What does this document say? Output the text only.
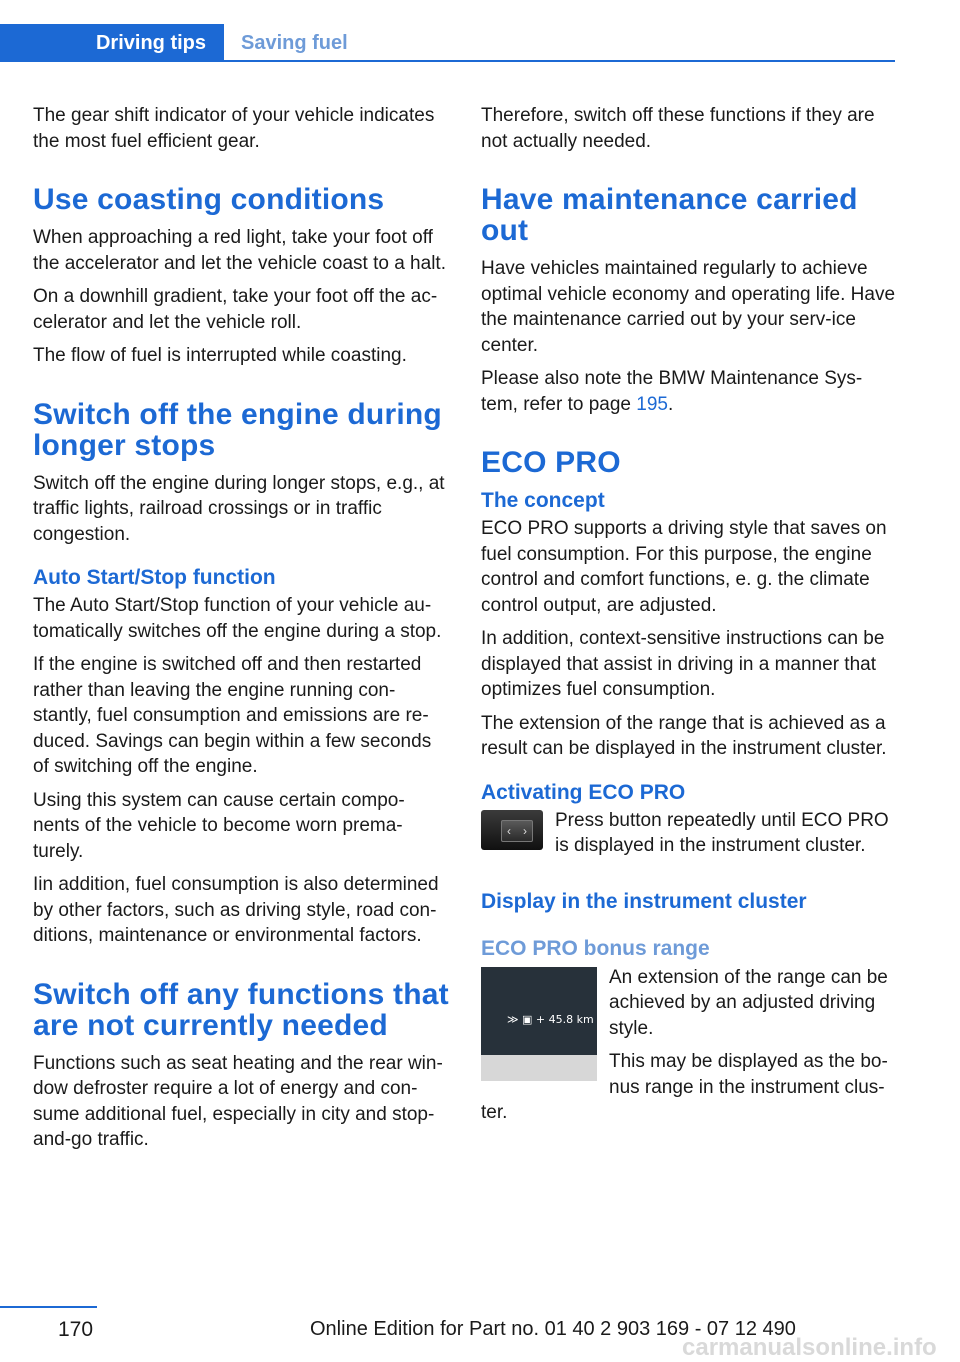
Driving tips	Saving fuel

The gear shift indicator of your vehicle indicates the most fuel efficient gear.

Use coasting conditions

When approaching a red light, take your foot off the accelerator and let the vehicle coast to a halt.

On a downhill gradient, take your foot off the ac‐celerator and let the vehicle roll.

The flow of fuel is interrupted while coasting.

Switch off the engine during longer stops

Switch off the engine during longer stops, e.g., at traffic lights, railroad crossings or in traffic congestion.

Auto Start/Stop function

The Auto Start/Stop function of your vehicle au‐tomatically switches off the engine during a stop.

If the engine is switched off and then restarted rather than leaving the engine running con‐stantly, fuel consumption and emissions are re‐duced. Savings can begin within a few seconds of switching off the engine.

Using this system can cause certain compo‐nents of the vehicle to become worn prema‐turely.

Iin addition, fuel consumption is also determined by other factors, such as driving style, road con‐ditions, maintenance or environmental factors.

Switch off any functions that are not currently needed

Functions such as seat heating and the rear win‐dow defroster require a lot of energy and con‐sume additional fuel, especially in city and stop-and-go traffic.

Therefore, switch off these functions if they are not actually needed.

Have maintenance carried out

Have vehicles maintained regularly to achieve optimal vehicle economy and operating life. Have the maintenance carried out by your serv‐ice center.

Please also note the BMW Maintenance Sys‐tem, refer to page 195.

ECO PRO
The concept

ECO PRO supports a driving style that saves on fuel consumption. For this purpose, the engine control and comfort functions, e. g. the climate control output, are adjusted.

In addition, context-sensitive instructions can be displayed that assist in driving in a manner that optimizes fuel consumption.

The extension of the range that is achieved as a result can be displayed in the instrument cluster.

Activating ECO PRO
‹	›	Press button repeatedly until ECO PRO is displayed in the instrument cluster.

Display in the instrument cluster
ECO PRO bonus range
≫ ▣ + 45.8 km

An extension of the range can be achieved by an adjusted driving style.

This may be displayed as the bo‐nus range in the instrument clus‐ter.

170	Online Edition for Part no. 01 40 2 903 169 - 07 12 490
carmanualsonline.info
